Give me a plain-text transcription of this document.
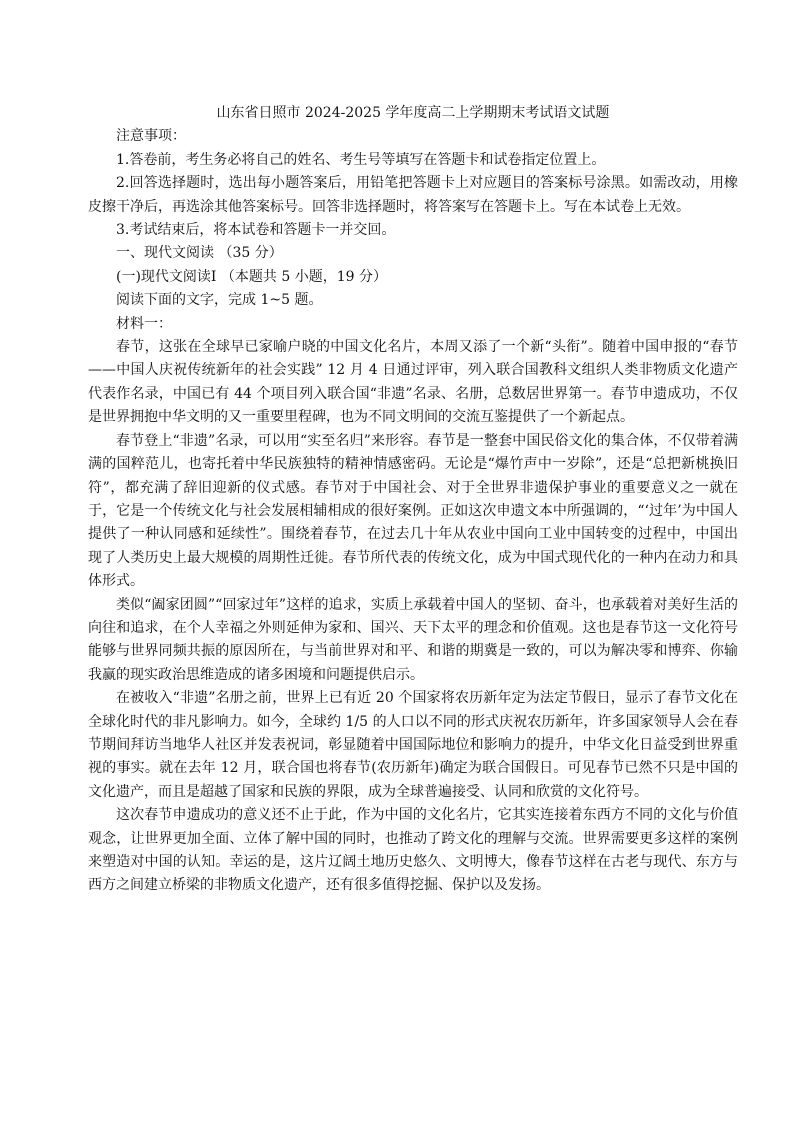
山东省日照市 2024-2025 学年度高二上学期期末考试语文试题

注意事项：

1.答卷前，考生务必将自己的姓名、考生号等填写在答题卡和试卷指定位置上。

2.回答选择题时，选出每小题答案后，用铅笔把答题卡上对应题目的答案标号涂黑。如需改动，用橡皮擦干净后，再选涂其他答案标号。回答非选择题时，将答案写在答题卡上。写在本试卷上无效。

3.考试结束后，将本试卷和答题卡一并交回。

一、现代文阅读 （35 分）

(一)现代文阅读Ⅰ （本题共 5 小题，19 分）

阅读下面的文字，完成 1~5 题。

材料一：

春节，这张在全球早已家喻户晓的中国文化名片，本周又添了一个新“头衔”。随着中国申报的“春节——中国人庆祝传统新年的社会实践” 12 月 4 日通过评审，列入联合国教科文组织人类非物质文化遗产代表作名录，中国已有 44 个项目列入联合国“非遗”名录、名册，总数居世界第一。春节申遗成功，不仅是世界拥抱中华文明的又一重要里程碑，也为不同文明间的交流互鉴提供了一个新起点。

春节登上“非遗”名录，可以用“实至名归”来形容。春节是一整套中国民俗文化的集合体，不仅带着满满的国粹范儿，也寄托着中华民族独特的精神情感密码。无论是“爆竹声中一岁除”，还是“总把新桃换旧符”，都充满了辞旧迎新的仪式感。春节对于中国社会、对于全世界非遗保护事业的重要意义之一就在于，它是一个传统文化与社会发展相辅相成的很好案例。正如这次申遗文本中所强调的，“‘过年’为中国人提供了一种认同感和延续性”。围绕着春节，在过去几十年从农业中国向工业中国转变的过程中，中国出现了人类历史上最大规模的周期性迁徙。春节所代表的传统文化，成为中国式现代化的一种内在动力和具体形式。

类似“阖家团圆”“回家过年”这样的追求，实质上承载着中国人的坚韧、奋斗，也承载着对美好生活的向往和追求，在个人幸福之外则延伸为家和、国兴、天下太平的理念和价值观。这也是春节这一文化符号能够与世界同频共振的原因所在，与当前世界对和平、和谐的期冀是一致的，可以为解决零和博弈、你输我赢的现实政治思维造成的诸多困境和问题提供启示。

在被收入“非遗”名册之前，世界上已有近 20 个国家将农历新年定为法定节假日，显示了春节文化在全球化时代的非凡影响力。如今，全球约 1/5 的人口以不同的形式庆祝农历新年，许多国家领导人会在春节期间拜访当地华人社区并发表祝词，彰显随着中国国际地位和影响力的提升，中华文化日益受到世界重视的事实。就在去年 12 月，联合国也将春节(农历新年)确定为联合国假日。可见春节已然不只是中国的文化遗产，而且是超越了国家和民族的界限，成为全球普遍接受、认同和欣赏的文化符号。

这次春节申遗成功的意义还不止于此，作为中国的文化名片，它其实连接着东西方不同的文化与价值观念，让世界更加全面、立体了解中国的同时，也推动了跨文化的理解与交流。世界需要更多这样的案例来塑造对中国的认知。幸运的是，这片辽阔土地历史悠久、文明博大，像春节这样在古老与现代、东方与西方之间建立桥梁的非物质文化遗产，还有很多值得挖掘、保护以及发扬。
